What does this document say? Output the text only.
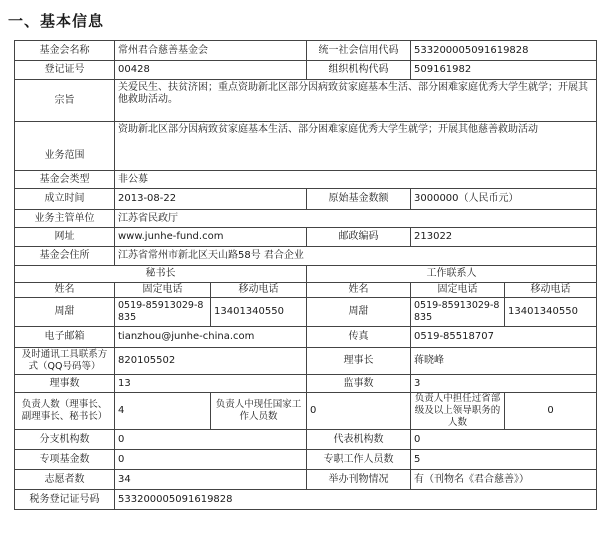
一、基本信息
基金会名称	常州君合慈善基金会		统一社会信用代码	533200005091619828	
登记证号	00428		组织机构代码	509161982	
宗旨	关爱民生、扶贫济困；重点资助新北区部分因病致贫家庭基本生活、部分困难家庭优秀大学生就学；开展其他救助活动。				
业务范围	资助新北区部分因病致贫家庭基本生活、部分困难家庭优秀大学生就学；开展其他慈善救助活动				
基金会类型	非公募				
成立时间	2013-08-22		原始基金数额	3000000（人民币元）	
业务主管单位	江苏省民政厅				
网址	www.junhe-fund.com		邮政编码	213022	
基金会住所	江苏省常州市新北区天山路58号 君合企业				
秘书长			工作联系人		
姓名	固定电话	移动电话	姓名	固定电话	移动电话
周甜	0519-85913029-8835	13401340550	周甜	0519-85913029-8835	13401340550
电子邮箱	tianzhou@junhe-china.com		传真	0519-85518707	
及时通讯工具联系方式（QQ号码等）	820105502		理事长	蒋晓峰	
理事数	13		监事数	3	
负责人数（理事长、副理事长、秘书长）	4	负责人中现任国家工作人员数	0	负责人中担任过省部级及以上领导职务的人数	0
分支机构数	0		代表机构数	0	
专项基金数	0		专职工作人员数	5	
志愿者数	34		举办刊物情况	有（刊物名《君合慈善》）	
税务登记证号码	533200005091619828				
